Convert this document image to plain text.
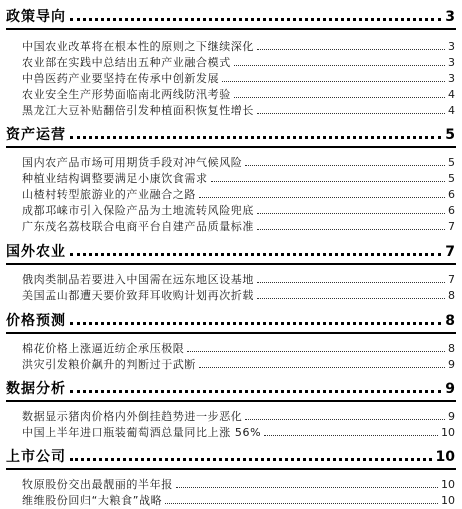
政策导向	3
中国农业改革将在根本性的原则之下继续深化	3
农业部在实践中总结出五种产业融合模式	3
中兽医药产业要坚持在传承中创新发展	3
农业安全生产形势面临南北两线防汛考验	4
黑龙江大豆补贴翻倍引发种植面积恢复性增长	4
资产运营	5
国内农产品市场可用期货手段对冲气候风险	5
种植业结构调整要满足小康饮食需求	5
山楂村转型旅游业的产业融合之路	6
成都邛崃市引入保险产品为土地流转风险兜底	6
广东茂名荔枝联合电商平台自建产品质量标准	7
国外农业	7
俄肉类制品若要进入中国需在远东地区设基地	7
美国孟山都遭天要价致拜耳收购计划再次折载	8
价格预测	8
棉花价格上涨逼近纺企承压极限	8
洪灾引发粮价飙升的判断过于武断	9
数据分析	9
数据显示猪肉价格内外倒挂趋势进一步恶化	9
中国上半年进口瓶装葡萄酒总量同比上涨 56%	10
上市公司	10
牧原股份交出最靓丽的半年报	10
维维股份回归“大粮食”战略	10
